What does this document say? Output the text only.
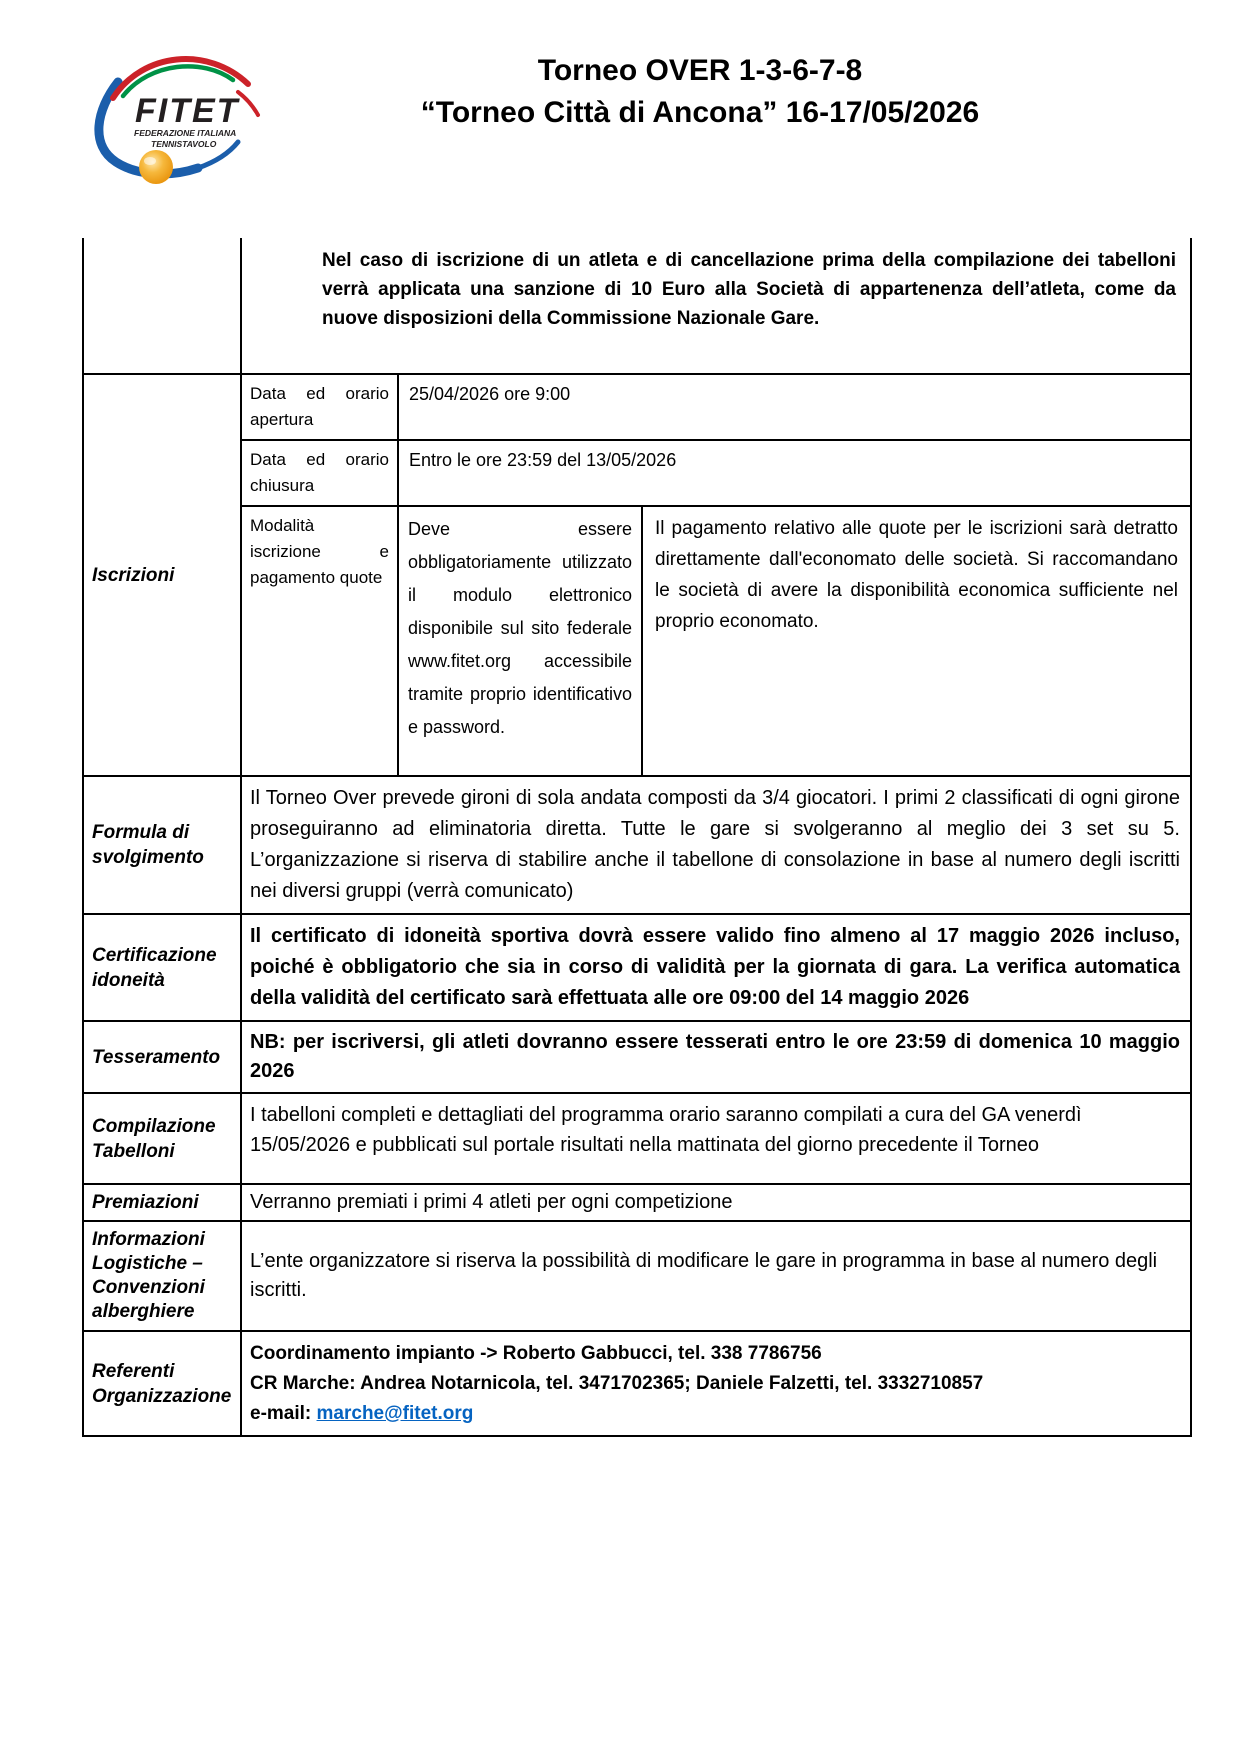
FITET
FEDERAZIONE ITALIANA
TENNISTAVOLO
Torneo OVER 1-3-6-7-8
“Torneo Città di Ancona” 16-17/05/2026
Nel caso di iscrizione di un atleta e di cancellazione prima della compilazione dei tabelloni verrà applicata una sanzione di 10 Euro alla Società di appartenenza dell’atleta, come da nuove disposizioni della Commissione Nazionale Gare.
Iscrizioni
Data ed orario apertura
25/04/2026 ore 9:00
Data ed orario chiusura
Entro le ore 23:59 del 13/05/2026
Modalità iscrizione e pagamento quote
Deve essere obbligatoriamente utilizzato il modulo elettronico disponibile sul sito federale www.fitet.org accessibile tramite proprio identificativo e password.
Il pagamento relativo alle quote per le iscrizioni sarà detratto direttamente dall'economato delle società. Si raccomandano le società di avere la disponibilità economica sufficiente nel proprio economato.
Formula di svolgimento
Il Torneo Over prevede gironi di sola andata composti da 3/4 giocatori. I primi 2 classificati di ogni girone proseguiranno ad eliminatoria diretta. Tutte le gare si svolgeranno al meglio dei 3 set su 5. L’organizzazione si riserva di stabilire anche il tabellone di consolazione in base al numero degli iscritti nei diversi gruppi (verrà comunicato)
Certificazione idoneità
Il certificato di idoneità sportiva dovrà essere valido fino almeno al 17 maggio 2026 incluso, poiché è obbligatorio che sia in corso di validità per la giornata di gara. La verifica automatica della validità del certificato sarà effettuata alle ore 09:00 del 14 maggio 2026
Tesseramento
NB: per iscriversi, gli atleti dovranno essere tesserati entro le ore 23:59 di domenica 10 maggio 2026
Compilazione Tabelloni
I tabelloni completi e dettagliati del programma orario saranno compilati a cura del GA venerdì 15/05/2026 e pubblicati sul portale risultati nella mattinata del giorno precedente il Torneo
Premiazioni	Verranno premiati i primi 4 atleti per ogni competizione
Informazioni Logistiche – Convenzioni alberghiere
L’ente organizzatore si riserva la possibilità di modificare le gare in programma in base al numero degli iscritti.
Referenti Organizzazione
Coordinamento impianto -> Roberto Gabbucci, tel. 338 7786756
CR Marche: Andrea Notarnicola, tel. 3471702365; Daniele Falzetti, tel. 3332710857
e-mail: marche@fitet.org
